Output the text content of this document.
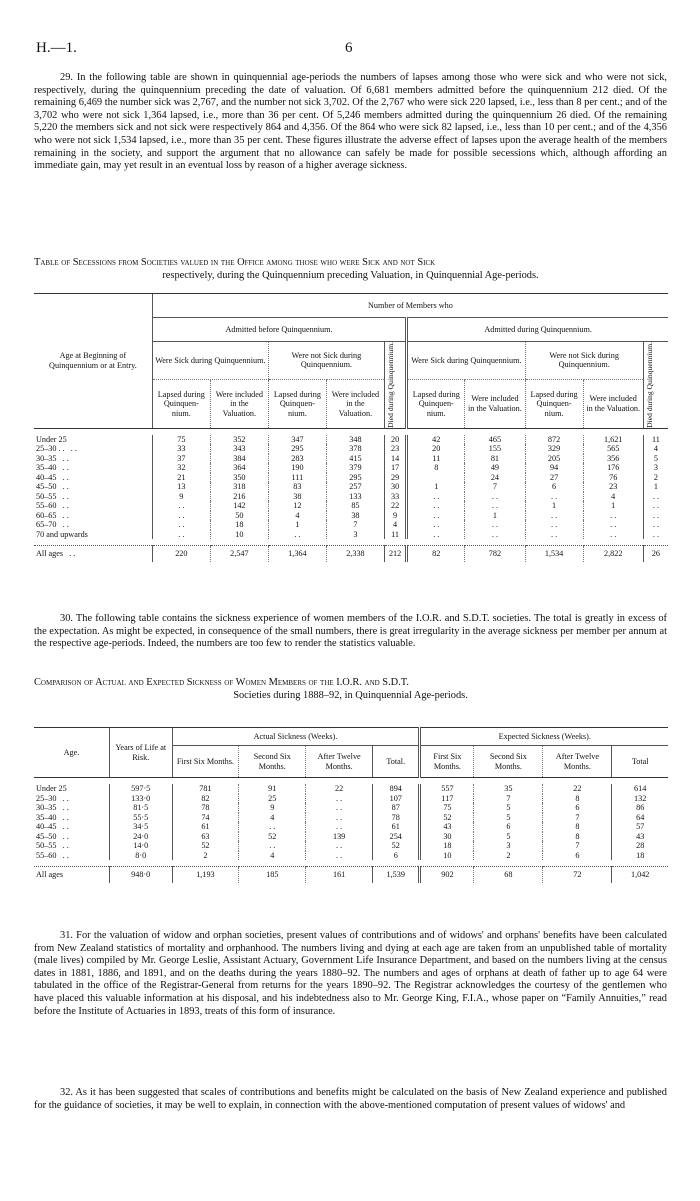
H.—1.	6
29. In the following table are shown in quinquennial age-periods the numbers of lapses among those who were sick and who were not sick, respectively, during the quinquennium preceding the date of valuation. Of 6,681 members admitted before the quinquennium 212 died. Of the remaining 6,469 the number sick was 2,767, and the number not sick 3,702. Of the 2,767 who were sick 220 lapsed, i.e., less than 8 per cent.; and of the 3,702 who were not sick 1,364 lapsed, i.e., more than 36 per cent. Of 5,246 members admitted during the quinquennium 26 died. Of the remaining 5,220 the members sick and not sick were respectively 864 and 4,356. Of the 864 who were sick 82 lapsed, i.e., less than 10 per cent.; and of the 4,356 who were not sick 1,534 lapsed, i.e., more than 35 per cent. These figures illustrate the adverse effect of lapses upon the average health of the members remaining in the society, and support the argument that no allowance can safely be made for possible secessions which, although affording an immediate gain, may yet result in an eventual loss by reason of a higher average sickness.
Table of Secessions from Societies valued in the Office among those who were Sick and not Sick
respectively, during the Quinquennium preceding Valuation, in Quinquennial Age-periods.
Age at Beginning of Quinquennium or at Entry.	Number of Members who									
	Admitted before Quinquennium.					Admitted during Quinquennium.				
	Were Sick during Quinquennium.		Were not Sick during Quinquennium.		Died during Quinquennium.	Were Sick during Quinquennium.		Were not Sick during Quinquennium.		Died during Quinquennium.

	Lapsed during Quinquen-nium.	Were included in the Valuation.	Lapsed during Quinquen-nium.	Were included in the Valuation.		Lapsed during Quinquen-nium.	Were included in the Valuation.	Lapsed during Quinquen-nium.	Were included in the Valuation.	

Under 25	75	352	347	348	20	42	465	872	1,621	11
25–30 . .   . .	33	343	295	378	23	20	155	329	565	4
30–35   . .	37	384	283	415	14	11	81	205	356	5
35–40   . .	32	364	190	379	17	8	49	94	176	3
40–45   . .	21	350	111	295	29		24	27	76	2
45–50   . .	13	318	83	257	30	1	7	6	23	1
50–55   . .	9	216	38	133	33	. .	. .	. .	4	. .
55–60   . .	. .	142	12	85	22	. .	. .	1	1	. .
60–65   . .	. .	50	4	38	9	. .	1	. .	. .	. .
65–70   . .	. .	18	1	7	4	. .	. .	. .	. .	. .
70 and upwards	. .	10	. .	3	11	. .	. .	. .	. .	. .

All ages   . .	220	2,547	1,364	2,338	212	82	782	1,534	2,822	26
30. The following table contains the sickness experience of women members of the I.O.R. and S.D.T. societies. The total is greatly in excess of the expectation. As might be expected, in consequence of the small numbers, there is great irregularity in the average sickness per member per annum at the respective age-periods. Indeed, the numbers are too few to render the statistics valuable.
Comparison of Actual and Expected Sickness of Women Members of the I.O.R. and S.D.T.
Societies during 1888–92, in Quinquennial Age-periods.
Age.	Years of Life at Risk.	Actual Sickness (Weeks).				Expected Sickness (Weeks).			
		First Six Months.	Second Six Months.	After Twelve Months.	Total.	First Six Months.	Second Six Months.	After Twelve Months.	Total

Under 25	597·5	781	91	22	894	557	35	22	614
25–30   . .	133·0	82	25	. .	107	117	7	8	132
30–35   . .	81·5	78	9	. .	87	75	5	6	86
35–40   . .	55·5	74	4	. .	78	52	5	7	64
40–45   . .	34·5	61	. .	. .	61	43	6	8	57
45–50   . .	24·0	63	52	139	254	30	5	8	43
50–55   . .	14·0	52	. .	. .	52	18	3	7	28
55–60   . .	8·0	2	4	. .	6	10	2	6	18

All ages	948·0	1,193	185	161	1,539	902	68	72	1,042
31. For the valuation of widow and orphan societies, present values of contributions and of widows' and orphans' benefits have been calculated from New Zealand statistics of mortality and orphanhood. The numbers living and dying at each age are taken from an unpublished table of mortality (male lives) compiled by Mr. George Leslie, Assistant Actuary, Government Life Insurance Department, and based on the numbers living at the census dates in 1881, 1886, and 1891, and on the deaths during the years 1880–92. The numbers and ages of orphans at death of father up to age 64 were tabulated in the office of the Registrar-General from returns for the years 1890–92. The Registrar acknowledges the courtesy of the gentlemen who have placed this valuable information at his disposal, and his indebtedness also to Mr. George King, F.I.A., whose paper on “Family Annuities,” read before the Institute of Actuaries in 1893, treats of this form of insurance.
32. As it has been suggested that scales of contributions and benefits might be calculated on the basis of New Zealand experience and published for the guidance of societies, it may be well to explain, in connection with the above-mentioned computation of present values of widows' and
